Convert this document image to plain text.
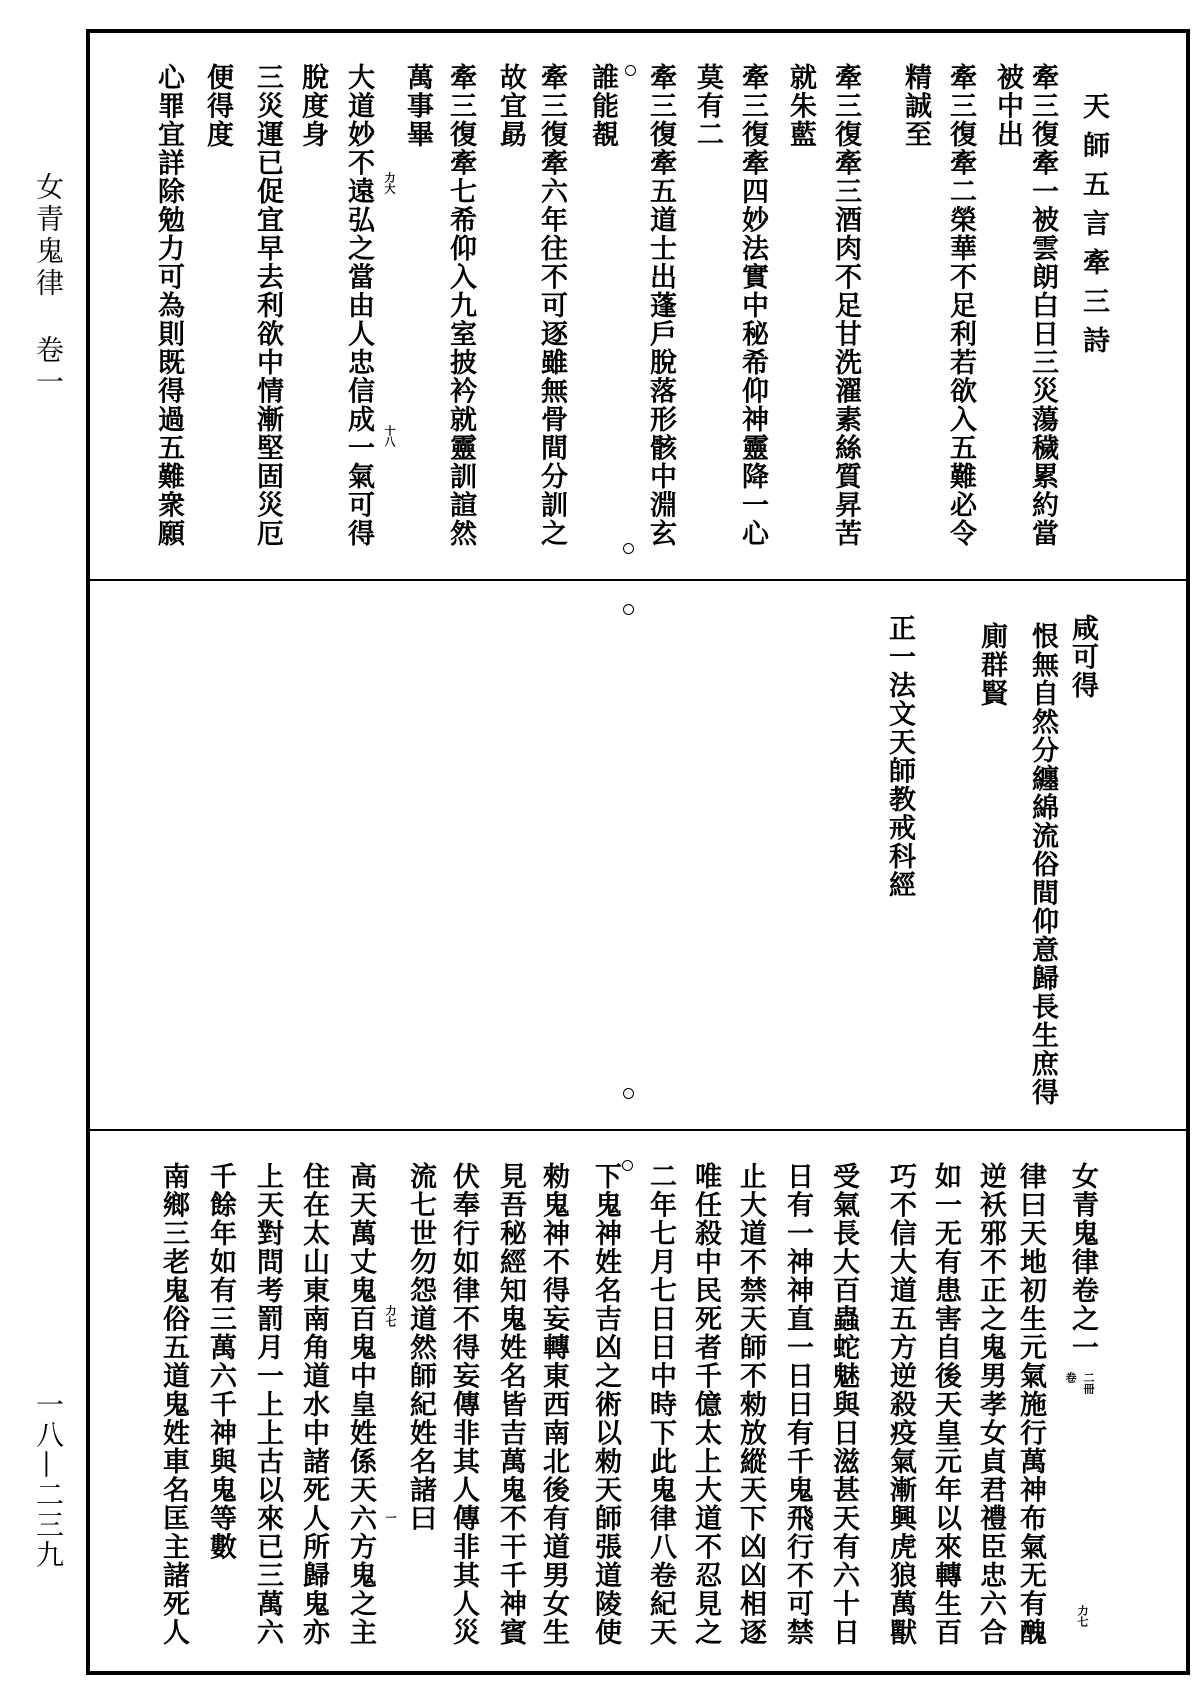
女青鬼律
卷一
一八—二三九
天師五言牽三詩
牽三復牽一被雲朗白日三災蕩穢累約當
被中出
牽三復牽二榮華不足利若欲入五難必令
精誠至
牽三復牽三酒肉不足甘洗濯素絲質昇苦
就朱藍
牽三復牽四妙法實中秘希仰神靈降一心
莫有二
牽三復牽五道士出蓬戶脫落形骸中淵玄
誰能覩
牽三復牽六年往不可逐雖無骨間分訓之
故宜勗
牽三復牽七希仰入九室披衿就靈訓諠然
萬事畢
大道妙不遠弘之當由人忠信成一氣可得
脫度身
三災運已促宜早去利欲中情漸堅固災厄
便得度
心罪宜詳除勉力可為則既得過五難衆願	力大
十八
咸可得
恨無自然分纏綿流俗間仰意歸長生庶得
廁群賢
正一法文天師教戒科經
女青鬼律卷之一
律曰天地初生元氣施行萬神布氣无有醜
逆袄邪不正之鬼男孝女貞君禮臣忠六合
如一无有患害自後天皇元年以來轉生百
巧不信大道五方逆殺疫氣漸興虎狼萬獸
受氣長大百蟲蛇魅與日滋甚天有六十日
日有一神神直一日日有千鬼飛行不可禁
止大道不禁天師不勑放縱天下凶凶相逐
唯任殺中民死者千億太上大道不忍見之
二年七月七日日中時下此鬼律八卷紀天
下鬼神姓名吉凶之術以勑天師張道陵使
勑鬼神不得妄轉東西南北後有道男女生
見吾秘經知鬼姓名皆吉萬鬼不干千神賓
伏奉行如律不得妄傳非其人傳非其人災
流七世勿怨道然師紀姓名諸曰
高天萬丈鬼百鬼中皇姓係天六方鬼之主
住在太山東南角道水中諸死人所歸鬼亦
上天對問考罰月一上上古以來已三萬六
千餘年如有三萬六千神與鬼等數
南鄉三老鬼俗五道鬼姓車名匡主諸死人	卷 二冊
力七
力七
一
